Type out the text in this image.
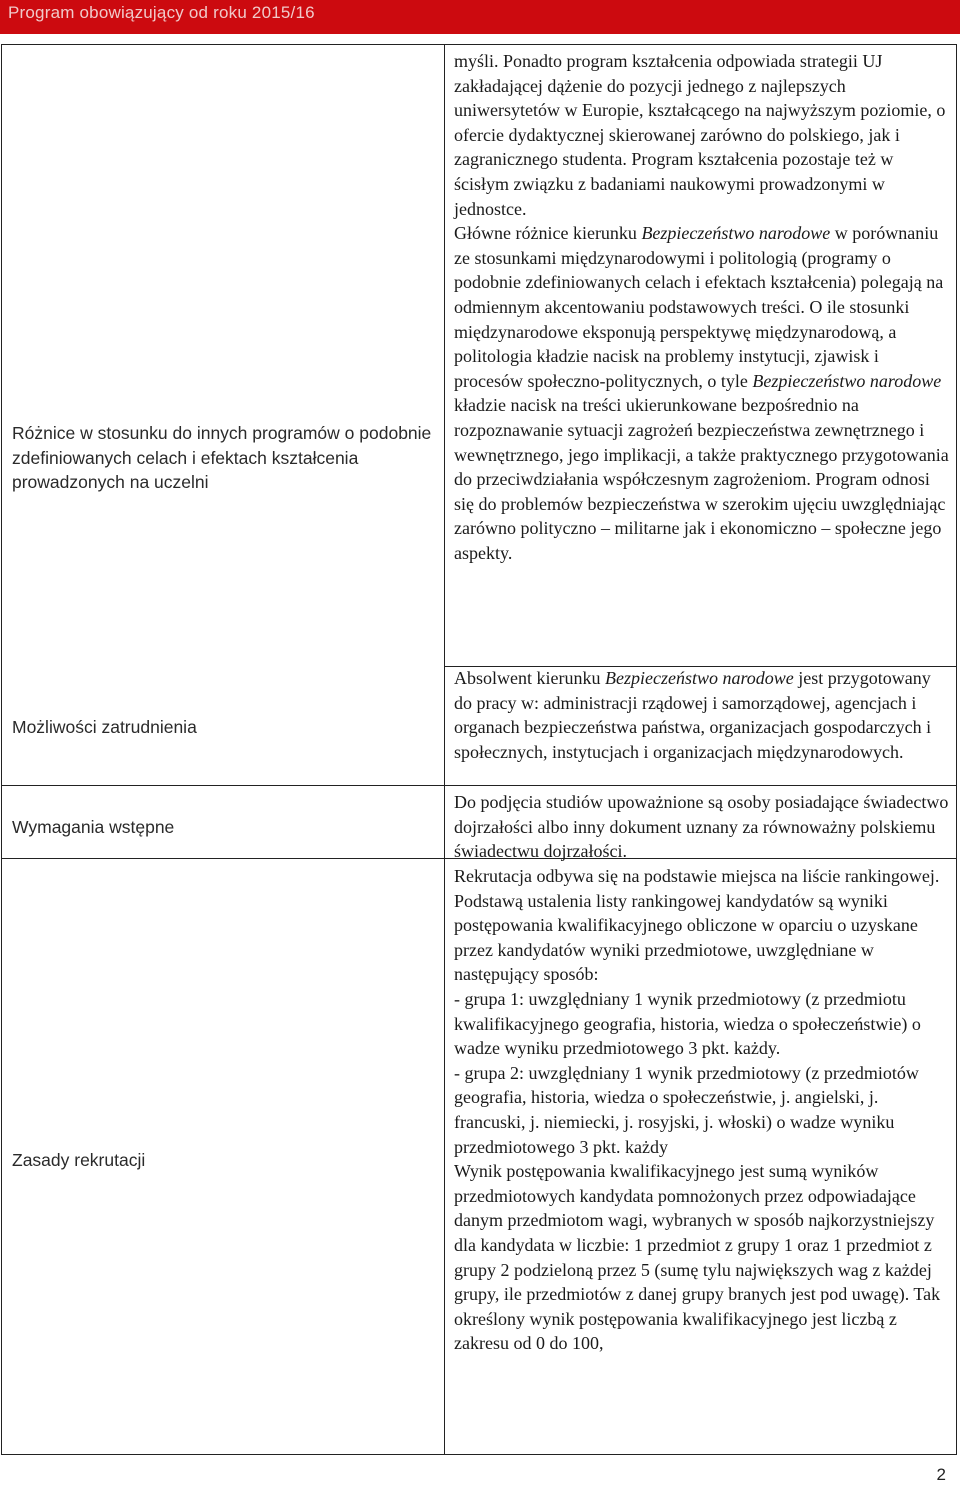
Program obowiązujący od roku 2015/16
Różnice w stosunku do innych programów o podobnie zdefiniowanych celach i efektach kształcenia prowadzonych na uczelni

myśli. Ponadto program kształcenia odpowiada strategii UJ zakładającej dążenie do pozycji jednego z najlepszych uniwersytetów w Europie, kształcącego na najwyższym poziomie, o ofercie dydaktycznej skierowanej zarówno do polskiego, jak i zagranicznego studenta. Program kształcenia pozostaje też w ścisłym związku z badaniami naukowymi prowadzonymi w jednostce.

Główne różnice kierunku Bezpieczeństwo narodowe w porównaniu ze stosunkami międzynarodowymi i politologią (programy o podobnie zdefiniowanych celach i efektach kształcenia) polegają na odmiennym akcentowaniu podstawowych treści. O ile stosunki międzynarodowe eksponują perspektywę międzynarodową, a politologia kładzie nacisk na problemy instytucji, zjawisk i procesów społeczno-politycznych, o tyle Bezpieczeństwo narodowe kładzie nacisk na treści ukierunkowane bezpośrednio na rozpoznawanie sytuacji zagrożeń bezpieczeństwa zewnętrznego i wewnętrznego, jego implikacji, a także praktycznego przygotowania do przeciwdziałania współczesnym zagrożeniom. Program odnosi się do problemów bezpieczeństwa w szerokim ujęciu uwzględniając zarówno polityczno – militarne jak i ekonomiczno – społeczne jego aspekty.

Możliwości zatrudnienia

Absolwent kierunku Bezpieczeństwo narodowe jest przygotowany do pracy w: administracji rządowej i samorządowej, agencjach i organach bezpieczeństwa państwa, organizacjach gospodarczych i społecznych, instytucjach i organizacjach międzynarodowych.

Wymagania wstępne

Do podjęcia studiów upoważnione są osoby posiadające świadectwo dojrzałości albo inny dokument uznany za równoważny polskiemu świadectwu dojrzałości.

Zasady rekrutacji

Rekrutacja odbywa się na podstawie miejsca na liście rankingowej. Podstawą ustalenia listy rankingowej kandydatów są wyniki postępowania kwalifikacyjnego obliczone w oparciu o uzyskane przez kandydatów wyniki przedmiotowe, uwzględniane w następujący sposób:

- grupa 1: uwzględniany 1 wynik przedmiotowy (z przedmiotu kwalifikacyjnego geografia, historia, wiedza o społeczeństwie) o wadze wyniku przedmiotowego 3 pkt. każdy.

- grupa 2: uwzględniany 1 wynik przedmiotowy (z przedmiotów geografia, historia, wiedza o społeczeństwie, j. angielski, j. francuski, j. niemiecki, j. rosyjski, j. włoski) o wadze wyniku przedmiotowego 3 pkt. każdy

Wynik postępowania kwalifikacyjnego jest sumą wyników przedmiotowych kandydata pomnożonych przez odpowiadające danym przedmiotom wagi, wybranych w sposób najkorzystniejszy dla kandydata w liczbie: 1 przedmiot z grupy 1 oraz 1 przedmiot z grupy 2 podzieloną przez 5 (sumę tylu największych wag z każdej grupy, ile przedmiotów z danej grupy branych jest pod uwagę). Tak określony wynik postępowania kwalifikacyjnego jest liczbą z zakresu od 0 do 100,

2
